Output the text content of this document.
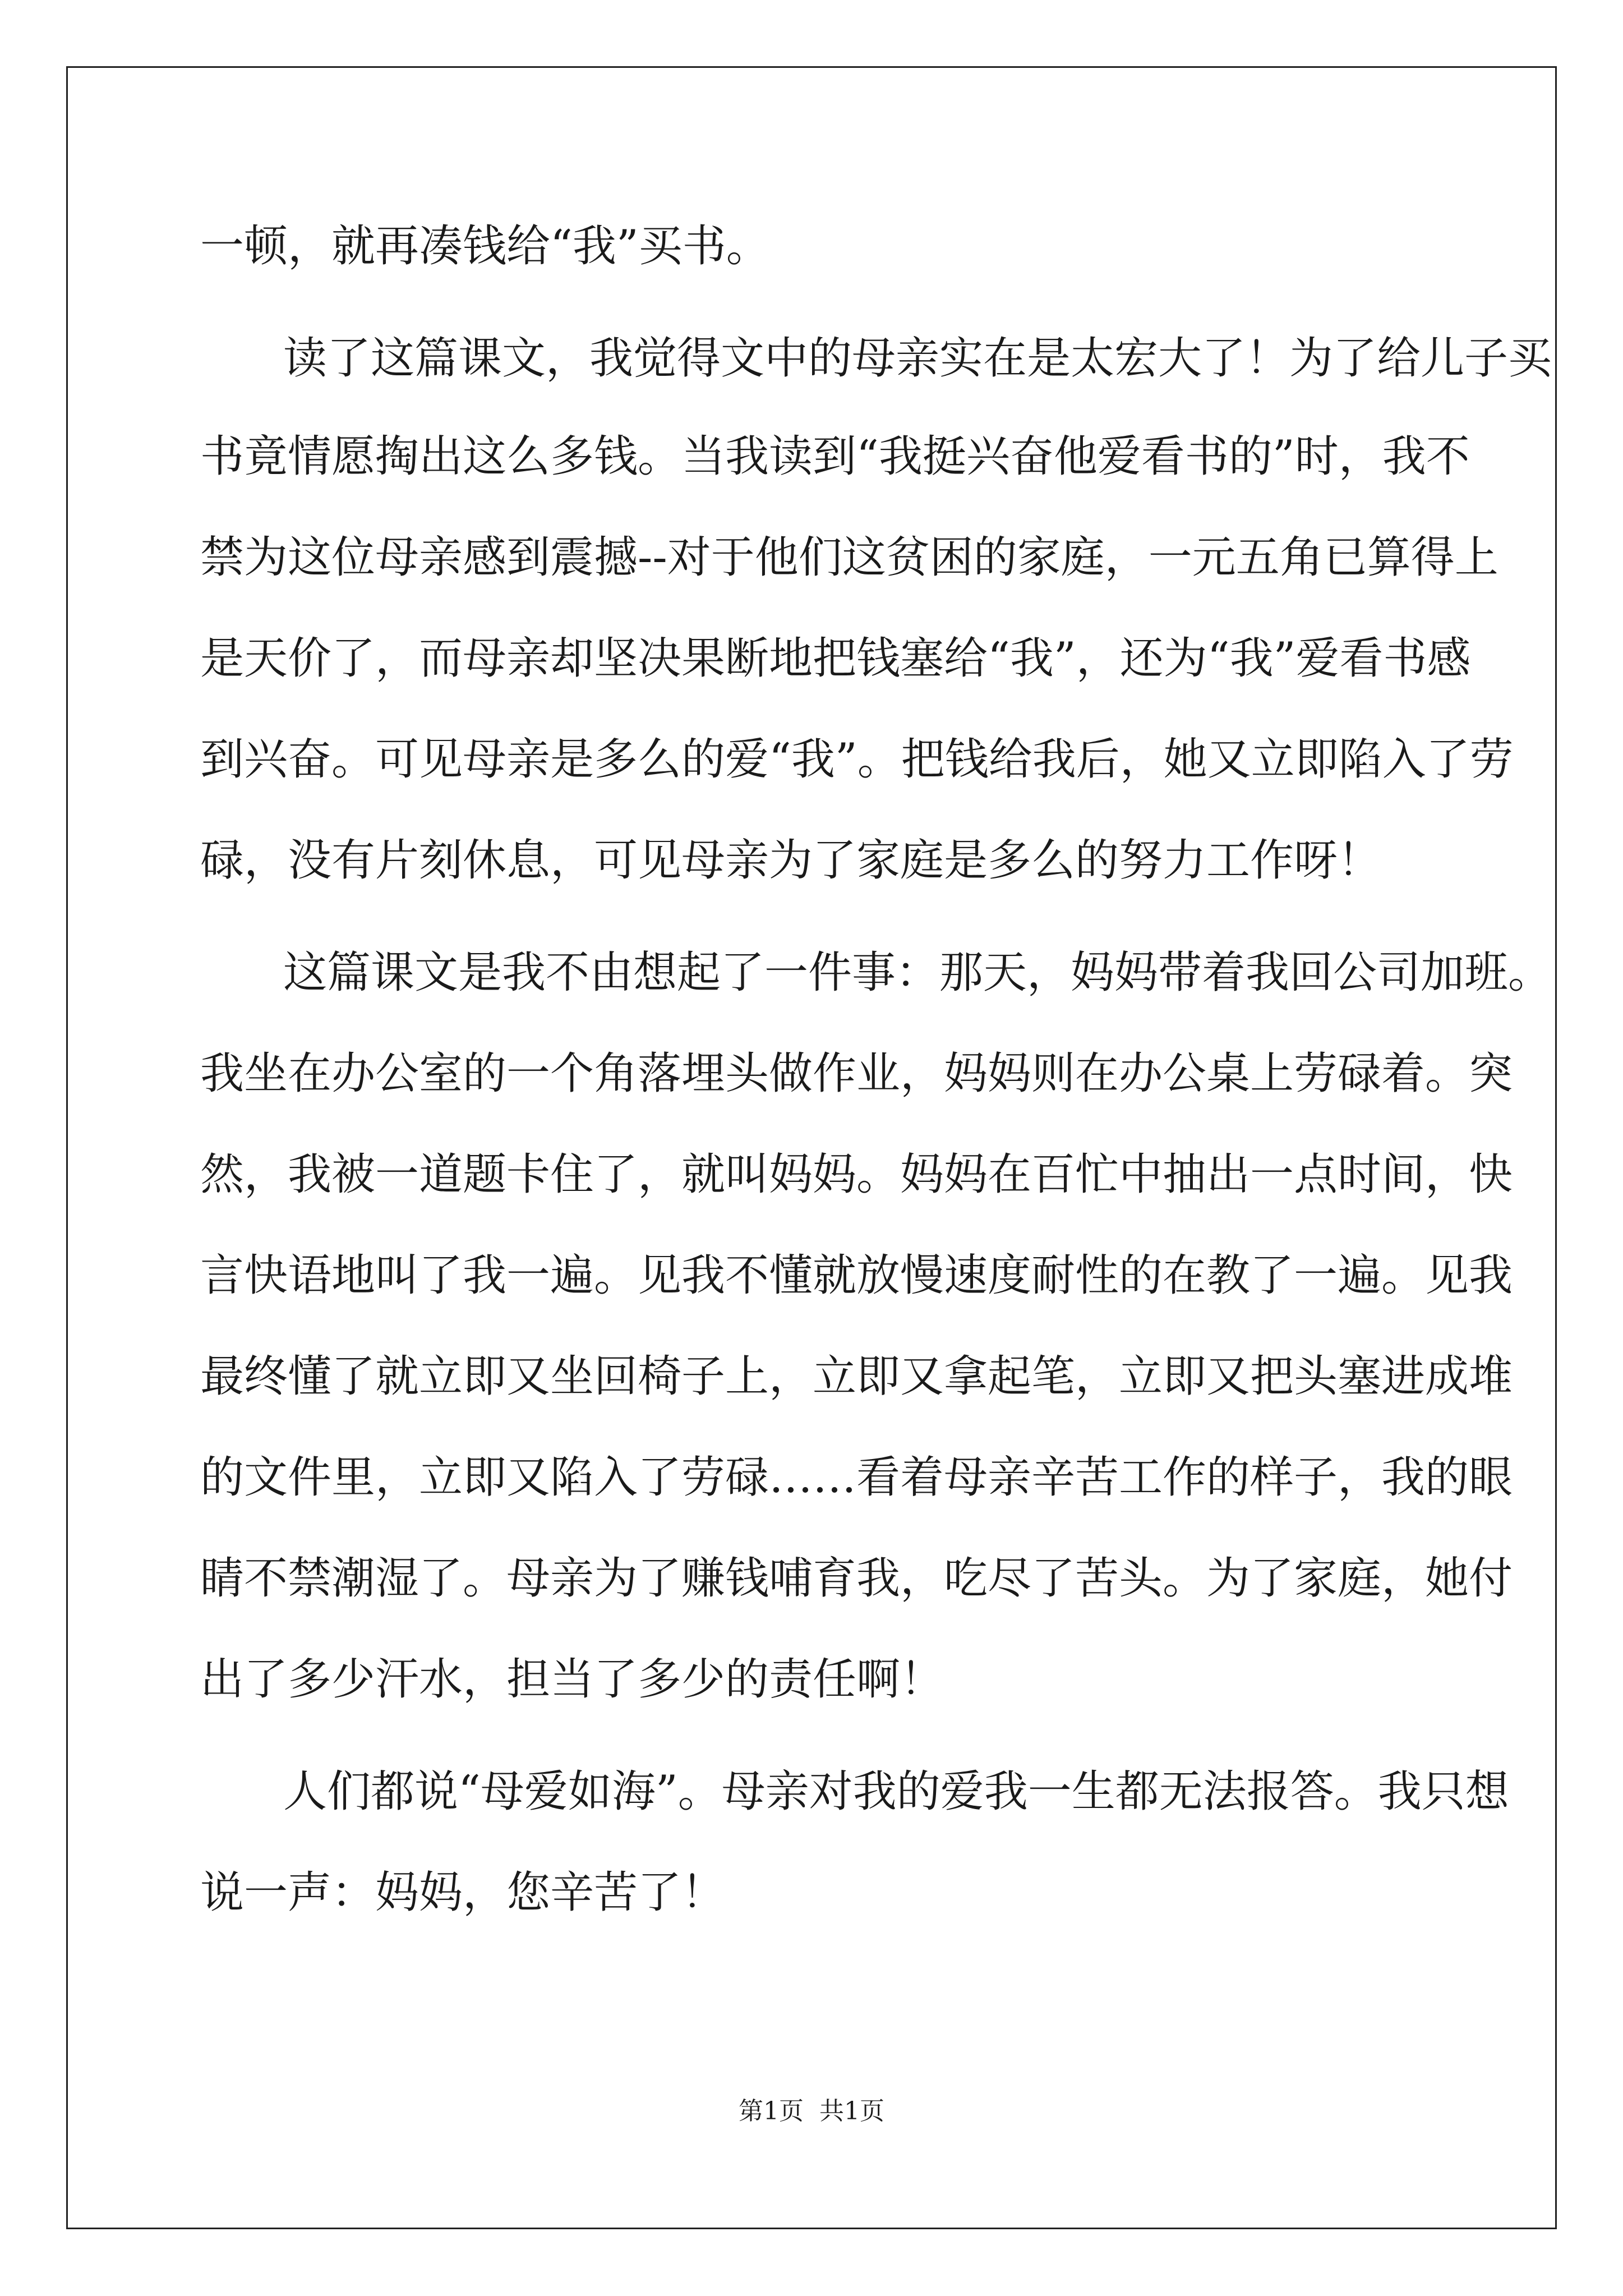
一顿，就再凑钱给“我”买书。

读了这篇课文，我觉得文中的母亲实在是太宏大了！为了给儿子买

书竟情愿掏出这么多钱。当我读到“我挺兴奋他爱看书的”时，我不

禁为这位母亲感到震撼--对于他们这贫困的家庭，一元五角已算得上

是天价了，而母亲却坚决果断地把钱塞给“我”，还为“我”爱看书感

到兴奋。可见母亲是多么的爱“我”。把钱给我后，她又立即陷入了劳

碌，没有片刻休息，可见母亲为了家庭是多么的努力工作呀！

这篇课文是我不由想起了一件事：那天，妈妈带着我回公司加班。

我坐在办公室的一个角落埋头做作业，妈妈则在办公桌上劳碌着。突

然，我被一道题卡住了，就叫妈妈。妈妈在百忙中抽出一点时间，快

言快语地叫了我一遍。见我不懂就放慢速度耐性的在教了一遍。见我

最终懂了就立即又坐回椅子上，立即又拿起笔，立即又把头塞进成堆

的文件里，立即又陷入了劳碌……看着母亲辛苦工作的样子，我的眼

睛不禁潮湿了。母亲为了赚钱哺育我，吃尽了苦头。为了家庭，她付

出了多少汗水，担当了多少的责任啊！

人们都说“母爱如海”。母亲对我的爱我一生都无法报答。我只想

说一声：妈妈，您辛苦了！

第1页  共1页
